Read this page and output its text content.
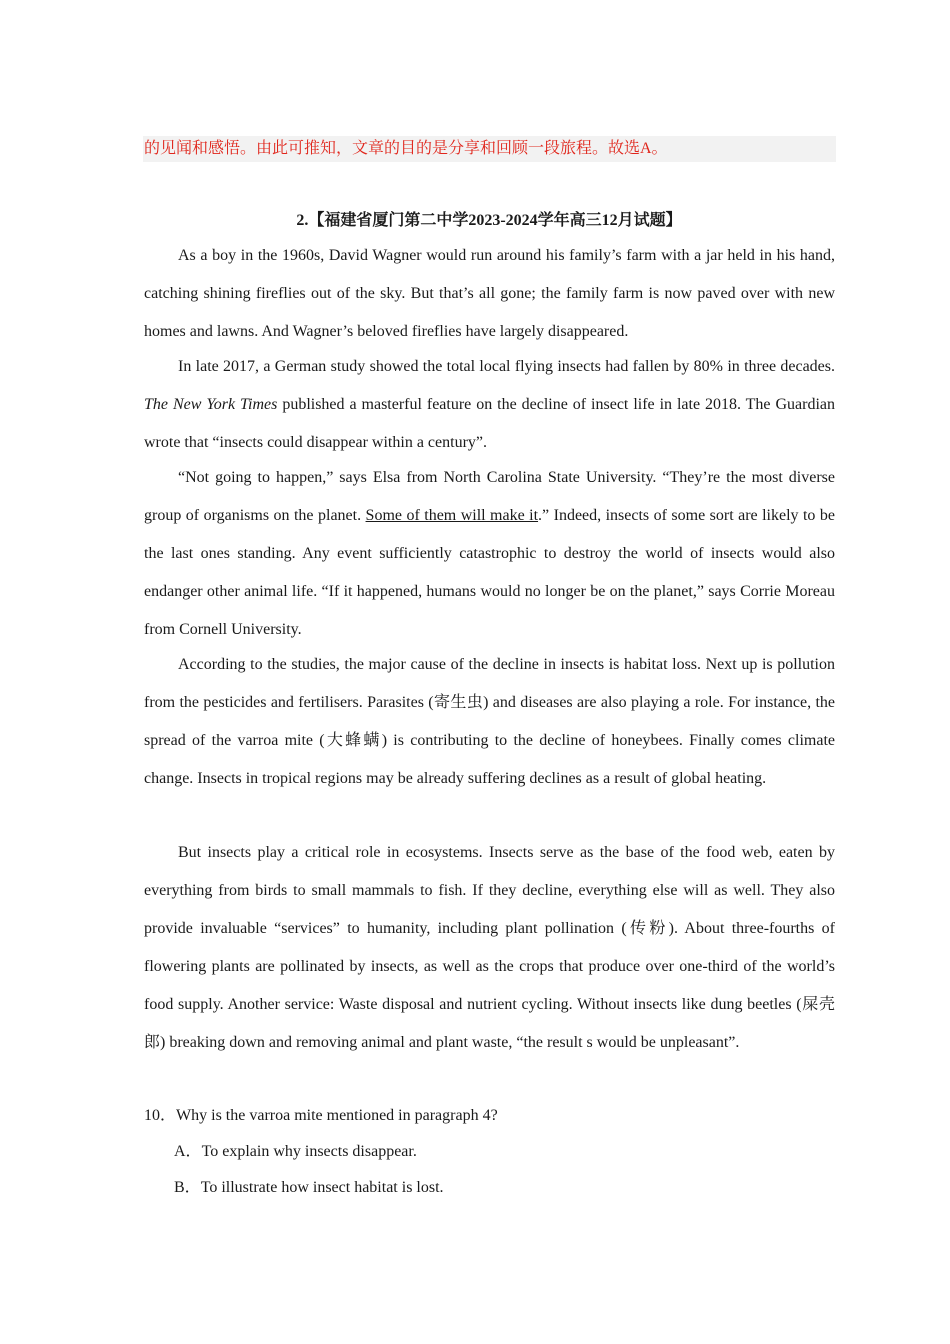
的见闻和感悟。由此可推知，文章的目的是分享和回顾一段旅程。故选A。
2.【福建省厦门第二中学2023-2024学年高三12月试题】

As a boy in the 1960s, David Wagner would run around his family’s farm with a jar held in his hand, catching shining fireflies out of the sky. But that’s all gone; the family farm is now paved over with new homes and lawns. And Wagner’s beloved fireflies have largely disappeared.

In late 2017, a German study showed the total local flying insects had fallen by 80% in three decades. The New York Times published a masterful feature on the decline of insect life in late 2018. The Guardian wrote that “insects could disappear within a century”.

“Not going to happen,” says Elsa from North Carolina State University. “They’re the most diverse group of organisms on the planet. Some of them will make it.” Indeed, insects of some sort are likely to be the last ones standing. Any event sufficiently catastrophic to destroy the world of insects would also endanger other animal life. “If it happened, humans would no longer be on the planet,” says Corrie Moreau from Cornell University.

According to the studies, the major cause of the decline in insects is habitat loss. Next up is pollution from the pesticides and fertilisers. Parasites (寄生虫) and diseases are also playing a role. For instance, the spread of the varroa mite (大蜂螨) is contributing to the decline of honeybees. Finally comes climate change. Insects in tropical regions may be already suffering declines as a result of global heating.

But insects play a critical role in ecosystems. Insects serve as the base of the food web, eaten by everything from birds to small mammals to fish. If they decline, everything else will as well. They also provide invaluable “services” to humanity, including plant pollination (传粉). About three-fourths of flowering plants are pollinated by insects, as well as the crops that produce over one-third of the world’s food supply. Another service: Waste disposal and nutrient cycling. Without insects like dung beetles (屎壳郎) breaking down and removing animal and plant waste, “the result s would be unpleasant”.

10．Why is the varroa mite mentioned in paragraph 4?
A．To explain why insects disappear.
B．To illustrate how insect habitat is lost.
